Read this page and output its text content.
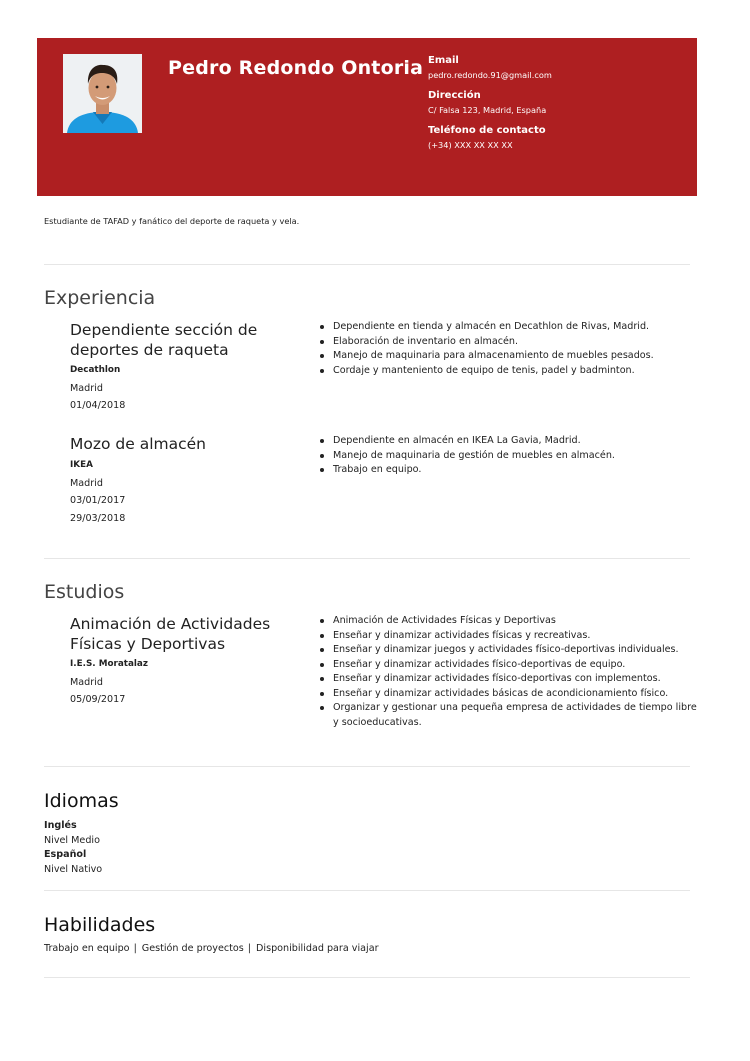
Pedro Redondo Ontoria Email

pedro.redondo.91@gmail.com

Dirección

C/ Falsa 123, Madrid, España

Teléfono de contacto

(+34) XXX XX XX XX

Estudiante de TAFAD y fanático del deporte de raqueta y vela.
Experiencia
Dependiente sección de deportes de raqueta
Decathlon
Madrid
01/04/2018
Dependiente en tienda y almacén en Decathlon de Rivas, Madrid.
Elaboración de inventario en almacén.
Manejo de maquinaria para almacenamiento de muebles pesados.
Cordaje y manteniento de equipo de tenis, padel y badminton.
Mozo de almacén
IKEA
Madrid
03/01/2017
29/03/2018
Dependiente en almacén en IKEA La Gavia, Madrid.
Manejo de maquinaria de gestión de muebles en almacén.
Trabajo en equipo.
Estudios
Animación de Actividades Físicas y Deportivas
I.E.S. Moratalaz
Madrid
05/09/2017
Animación de Actividades Físicas y Deportivas
Enseñar y dinamizar actividades físicas y recreativas.
Enseñar y dinamizar juegos y actividades físico-deportivas individuales.
Enseñar y dinamizar actividades físico-deportivas de equipo.
Enseñar y dinamizar actividades físico-deportivas con implementos.
Enseñar y dinamizar actividades básicas de acondicionamiento físico.
Organizar y gestionar una pequeña empresa de actividades de tiempo libre y socioeducativas.
Idiomas
Inglés
Nivel Medio
Español
Nivel Nativo
Habilidades
Trabajo en equipo | Gestión de proyectos | Disponibilidad para viajar
